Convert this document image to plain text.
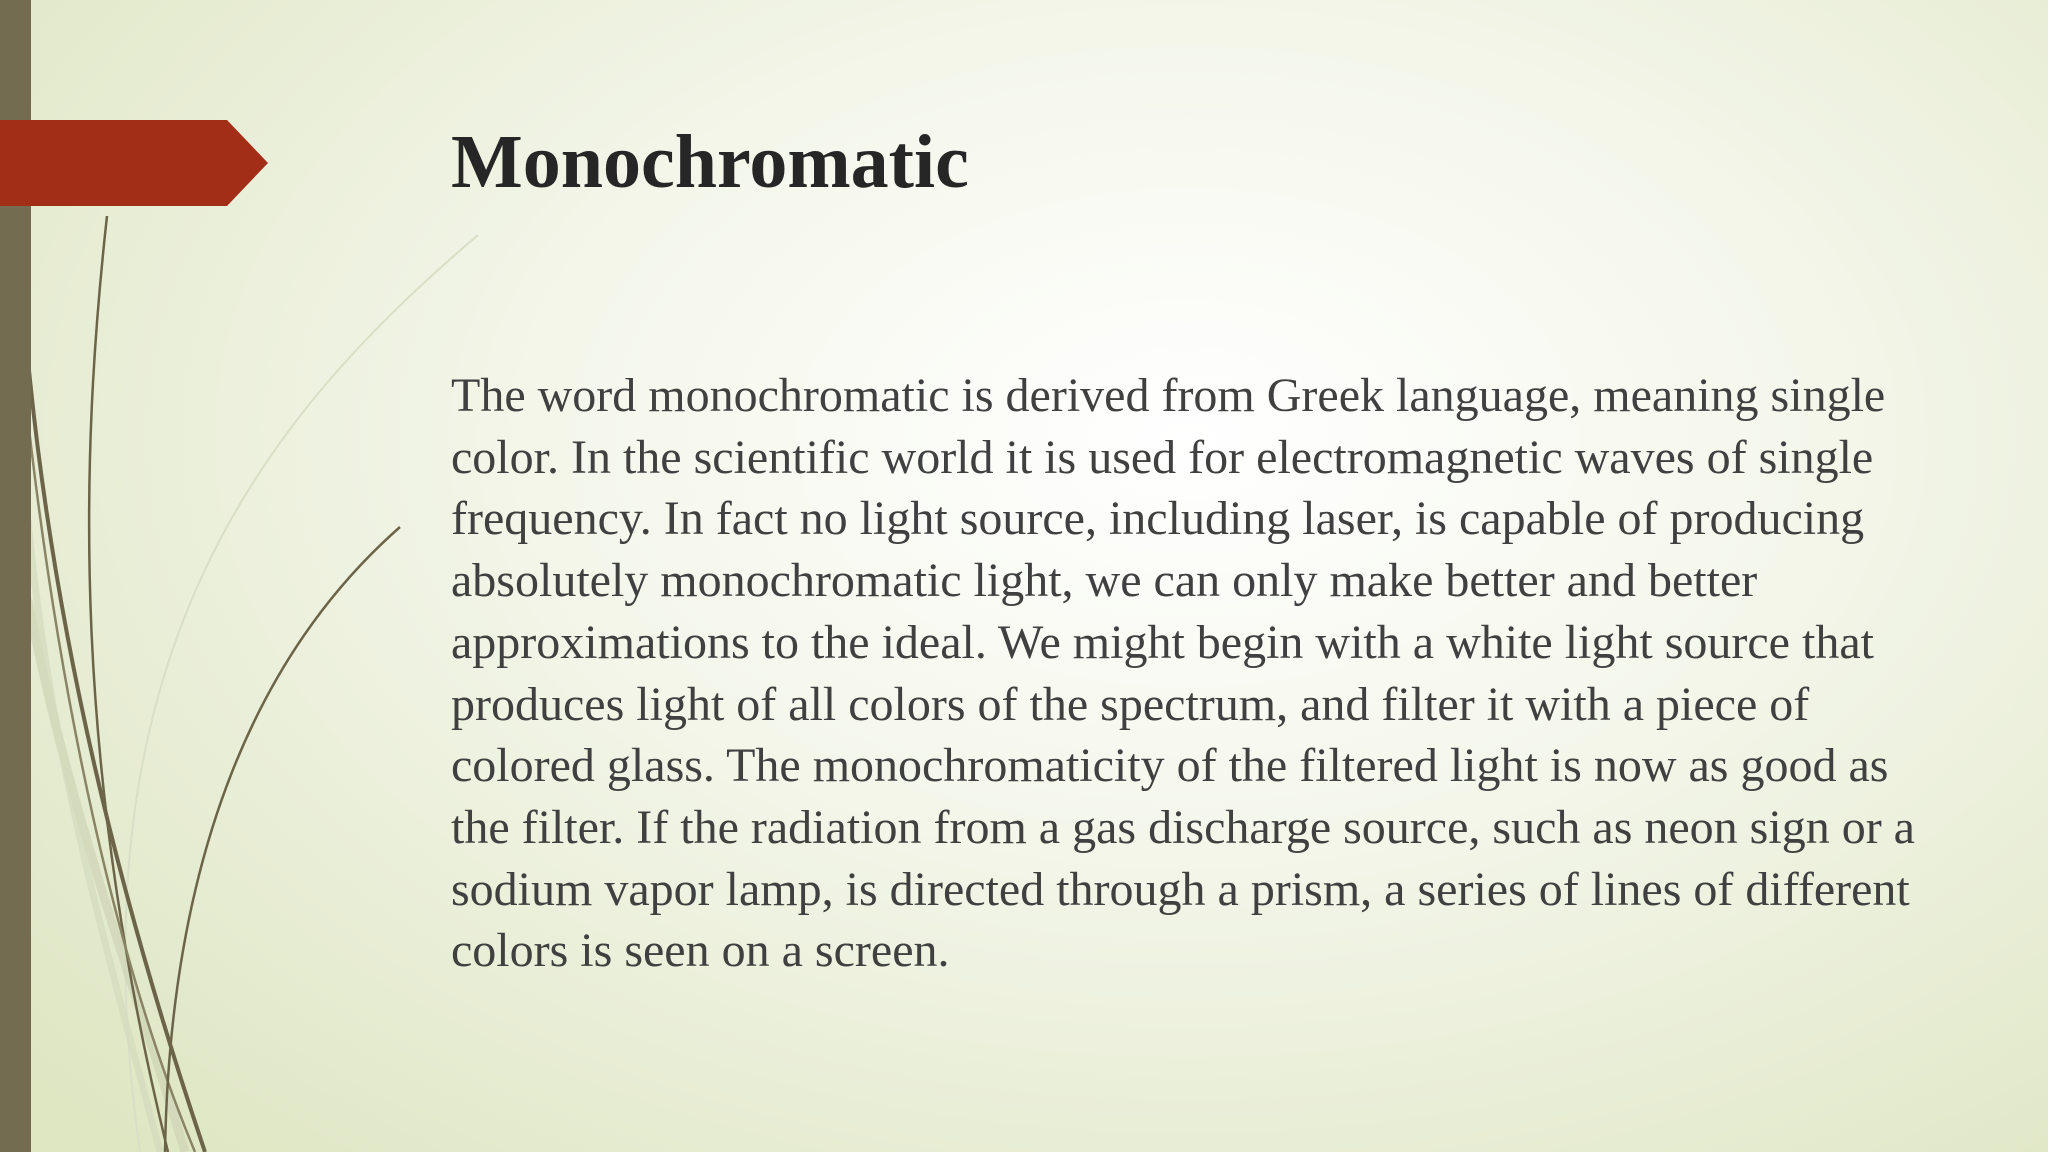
Monochromatic

The word monochromatic is derived from Greek language, meaning single color. In the scientific world it is used for electromagnetic waves of single frequency. In fact no light source, including laser, is capable of producing absolutely monochromatic light, we can only make better and better approximations to the ideal. We might begin with a white light source that produces light of all colors of the spectrum, and filter it with a piece of colored glass. The monochromaticity of the filtered light is now as good as the filter. If the radiation from a gas discharge source, such as neon sign or a sodium vapor lamp, is directed through a prism, a series of lines of different colors is seen on a screen.
